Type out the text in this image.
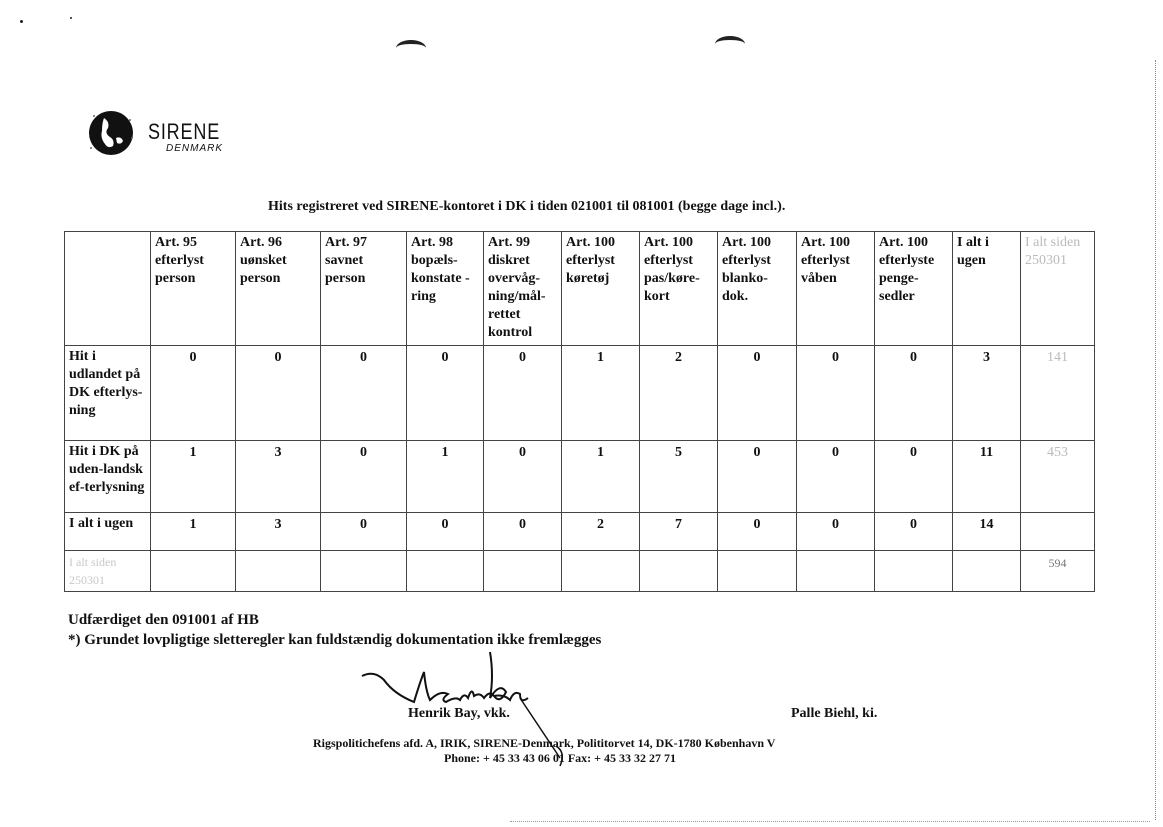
SIRENE
DENMARK
Hits registreret ved SIRENE-kontoret i DK i tiden 021001 til 081001 (begge dage incl.).
	Art. 95 efterlyst person	Art. 96 uønsket person	Art. 97 savnet person	Art. 98 bopæls-konstate -ring	Art. 99 diskret overvåg-ning/mål-rettet kontrol	Art. 100 efterlyst køretøj	Art. 100 efterlyst pas/køre-kort	Art. 100 efterlyst blanko-dok.	Art. 100 efterlyst våben	Art. 100 efterlyste penge-sedler	I alt i ugen	I alt siden 250301
Hit i udlandet på DK efterlys-ning	0	0	0	0	0	1	2	0	0	0	3	141
Hit i DK på uden-landsk ef-terlysning	1	3	0	1	0	1	5	0	0	0	11	453
I alt i ugen	1	3	0	0	0	2	7	0	0	0	14	
I alt siden 250301												594
Udfærdiget den 091001 af HB
*) Grundet lovpligtige sletteregler kan fuldstændig dokumentation ikke fremlægges
Henrik Bay, vkk.	Palle Biehl, ki.
Rigspolitichefens afd. A, IRIK, SIRENE-Denmark, Polititorvet 14, DK-1780 København V
Phone: + 45 33 43 06 01 Fax: + 45 33 32 27 71
